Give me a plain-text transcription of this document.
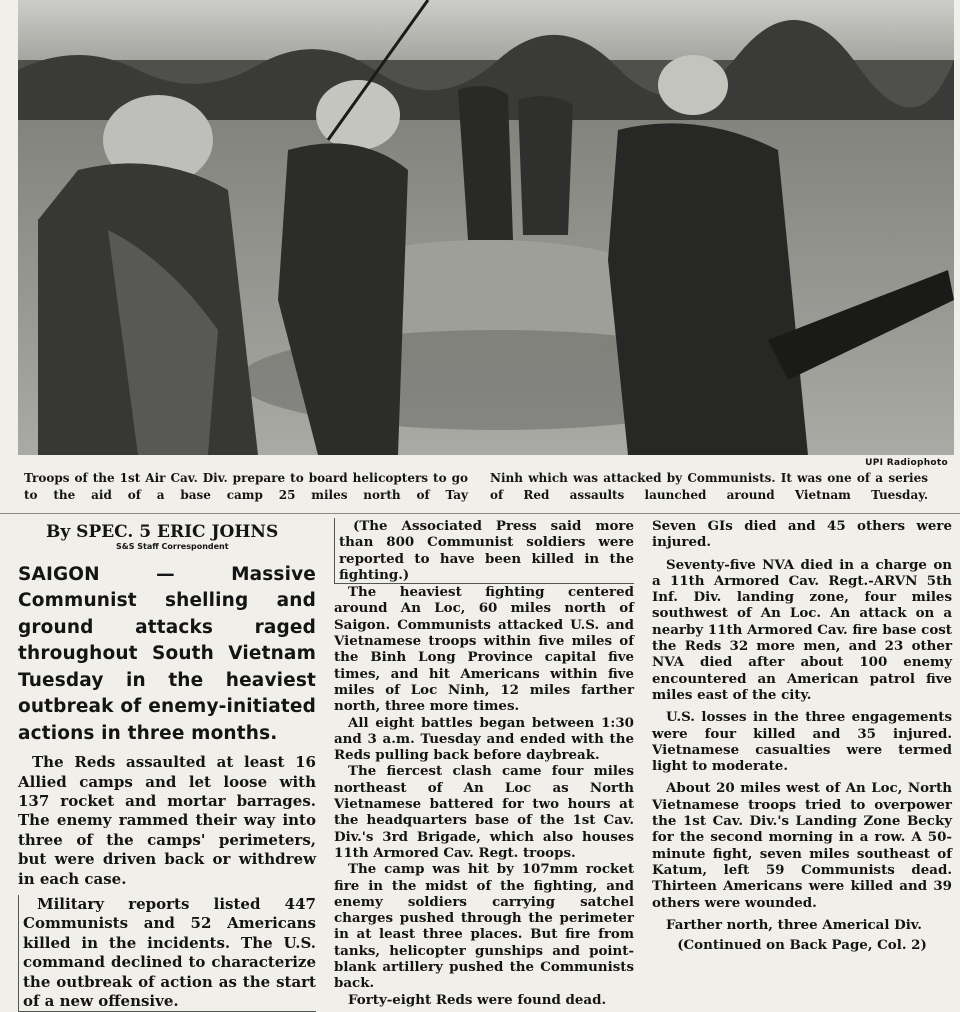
UPI Radiophoto
Troops of the 1st Air Cav. Div. prepare to board helicopters to go to the aid of a base camp 25 miles north of Tay
Ninh which was attacked by Communists. It was one of a series of Red assaults launched around Vietnam Tuesday.
By SPEC. 5 ERIC JOHNS
S&S Staff Correspondent
SAIGON — Massive Communist shelling and ground attacks raged throughout South Vietnam Tuesday in the heaviest outbreak of enemy-initiated actions in three months.

The Reds assaulted at least 16 Allied camps and let loose with 137 rocket and mortar barrages. The enemy rammed their way into three of the camps' perimeters, but were driven back or withdrew in each case.

Military reports listed 447 Communists and 52 Americans killed in the incidents. The U.S. command declined to characterize the outbreak of action as the start of a new offensive.

(The Associated Press said more than 800 Communist soldiers were reported to have been killed in the fighting.)

The heaviest fighting centered around An Loc, 60 miles north of Saigon. Communists attacked U.S. and Vietnamese troops within five miles of the Binh Long Province capital five times, and hit Americans within five miles of Loc Ninh, 12 miles farther north, three more times.

All eight battles began between 1:30 and 3 a.m. Tuesday and ended with the Reds pulling back before daybreak.

The fiercest clash came four miles northeast of An Loc as North Vietnamese battered for two hours at the headquarters base of the 1st Cav. Div.'s 3rd Brigade, which also houses 11th Armored Cav. Regt. troops.

The camp was hit by 107mm rocket fire in the midst of the fighting, and enemy soldiers carrying satchel charges pushed through the perimeter in at least three places. But fire from tanks, helicopter gunships and point-blank artillery pushed the Communists back.

Forty-eight Reds were found dead.

Seven GIs died and 45 others were injured.

Seventy-five NVA died in a charge on a 11th Armored Cav. Regt.-ARVN 5th Inf. Div. landing zone, four miles southwest of An Loc. An attack on a nearby 11th Armored Cav. fire base cost the Reds 32 more men, and 23 other NVA died after about 100 enemy encountered an American patrol five miles east of the city.

U.S. losses in the three engagements were four killed and 35 injured. Vietnamese casualties were termed light to moderate.

About 20 miles west of An Loc, North Vietnamese troops tried to overpower the 1st Cav. Div.'s Landing Zone Becky for the second morning in a row. A 50-minute fight, seven miles southeast of Katum, left 59 Communists dead. Thirteen Americans were killed and 39 others were wounded.

Farther north, three Americal Div.

(Continued on Back Page, Col. 2)
